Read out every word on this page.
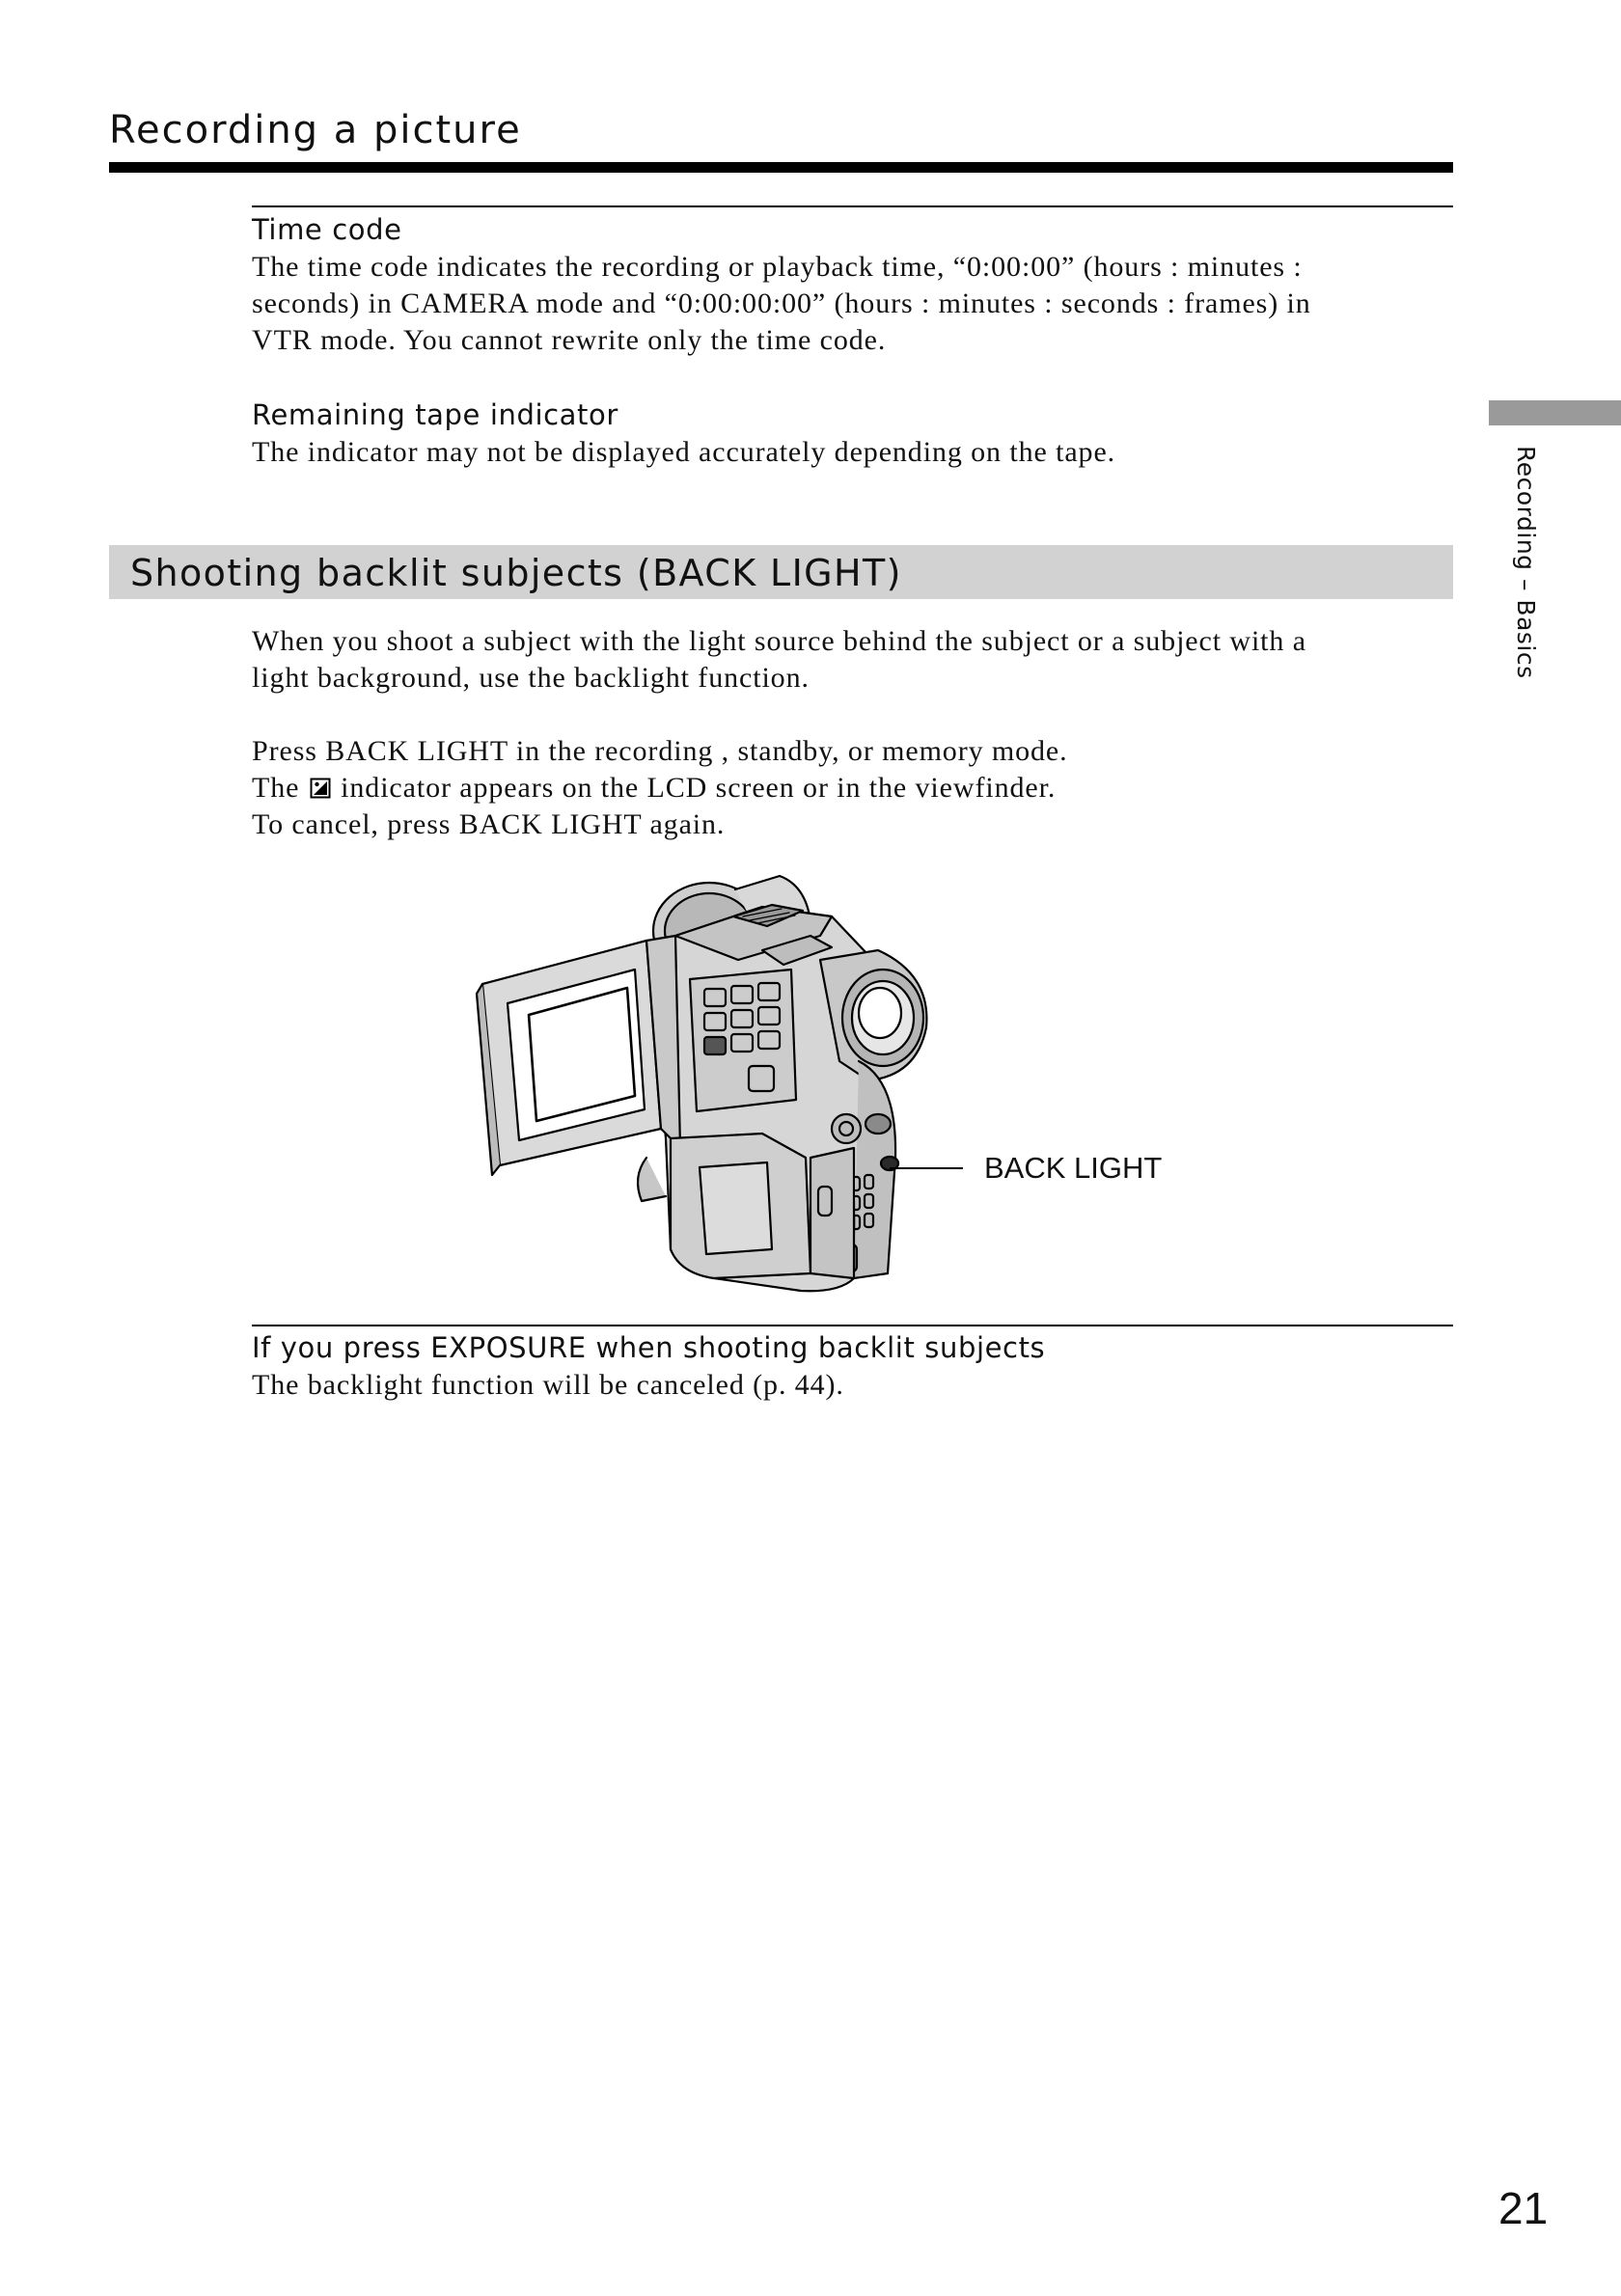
Recording a picture
Recording – Basics
Time code
The time code indicates the recording or playback time, “0:00:00” (hours : minutes :
seconds) in CAMERA mode and “0:00:00:00” (hours : minutes : seconds : frames) in
VTR mode. You cannot rewrite only the time code.
Remaining tape indicator
The indicator may not be displayed accurately depending on the tape.
Shooting backlit subjects (BACK LIGHT)
When you shoot a subject with the light source behind the subject or a subject with a
light background, use the backlight function.
Press BACK LIGHT in the recording , standby, or memory mode.
The indicator appears on the LCD screen or in the viewfinder.
To cancel, press BACK LIGHT again.
BACK LIGHT
If you press EXPOSURE when shooting backlit subjects
The backlight function will be canceled (p. 44).
21
